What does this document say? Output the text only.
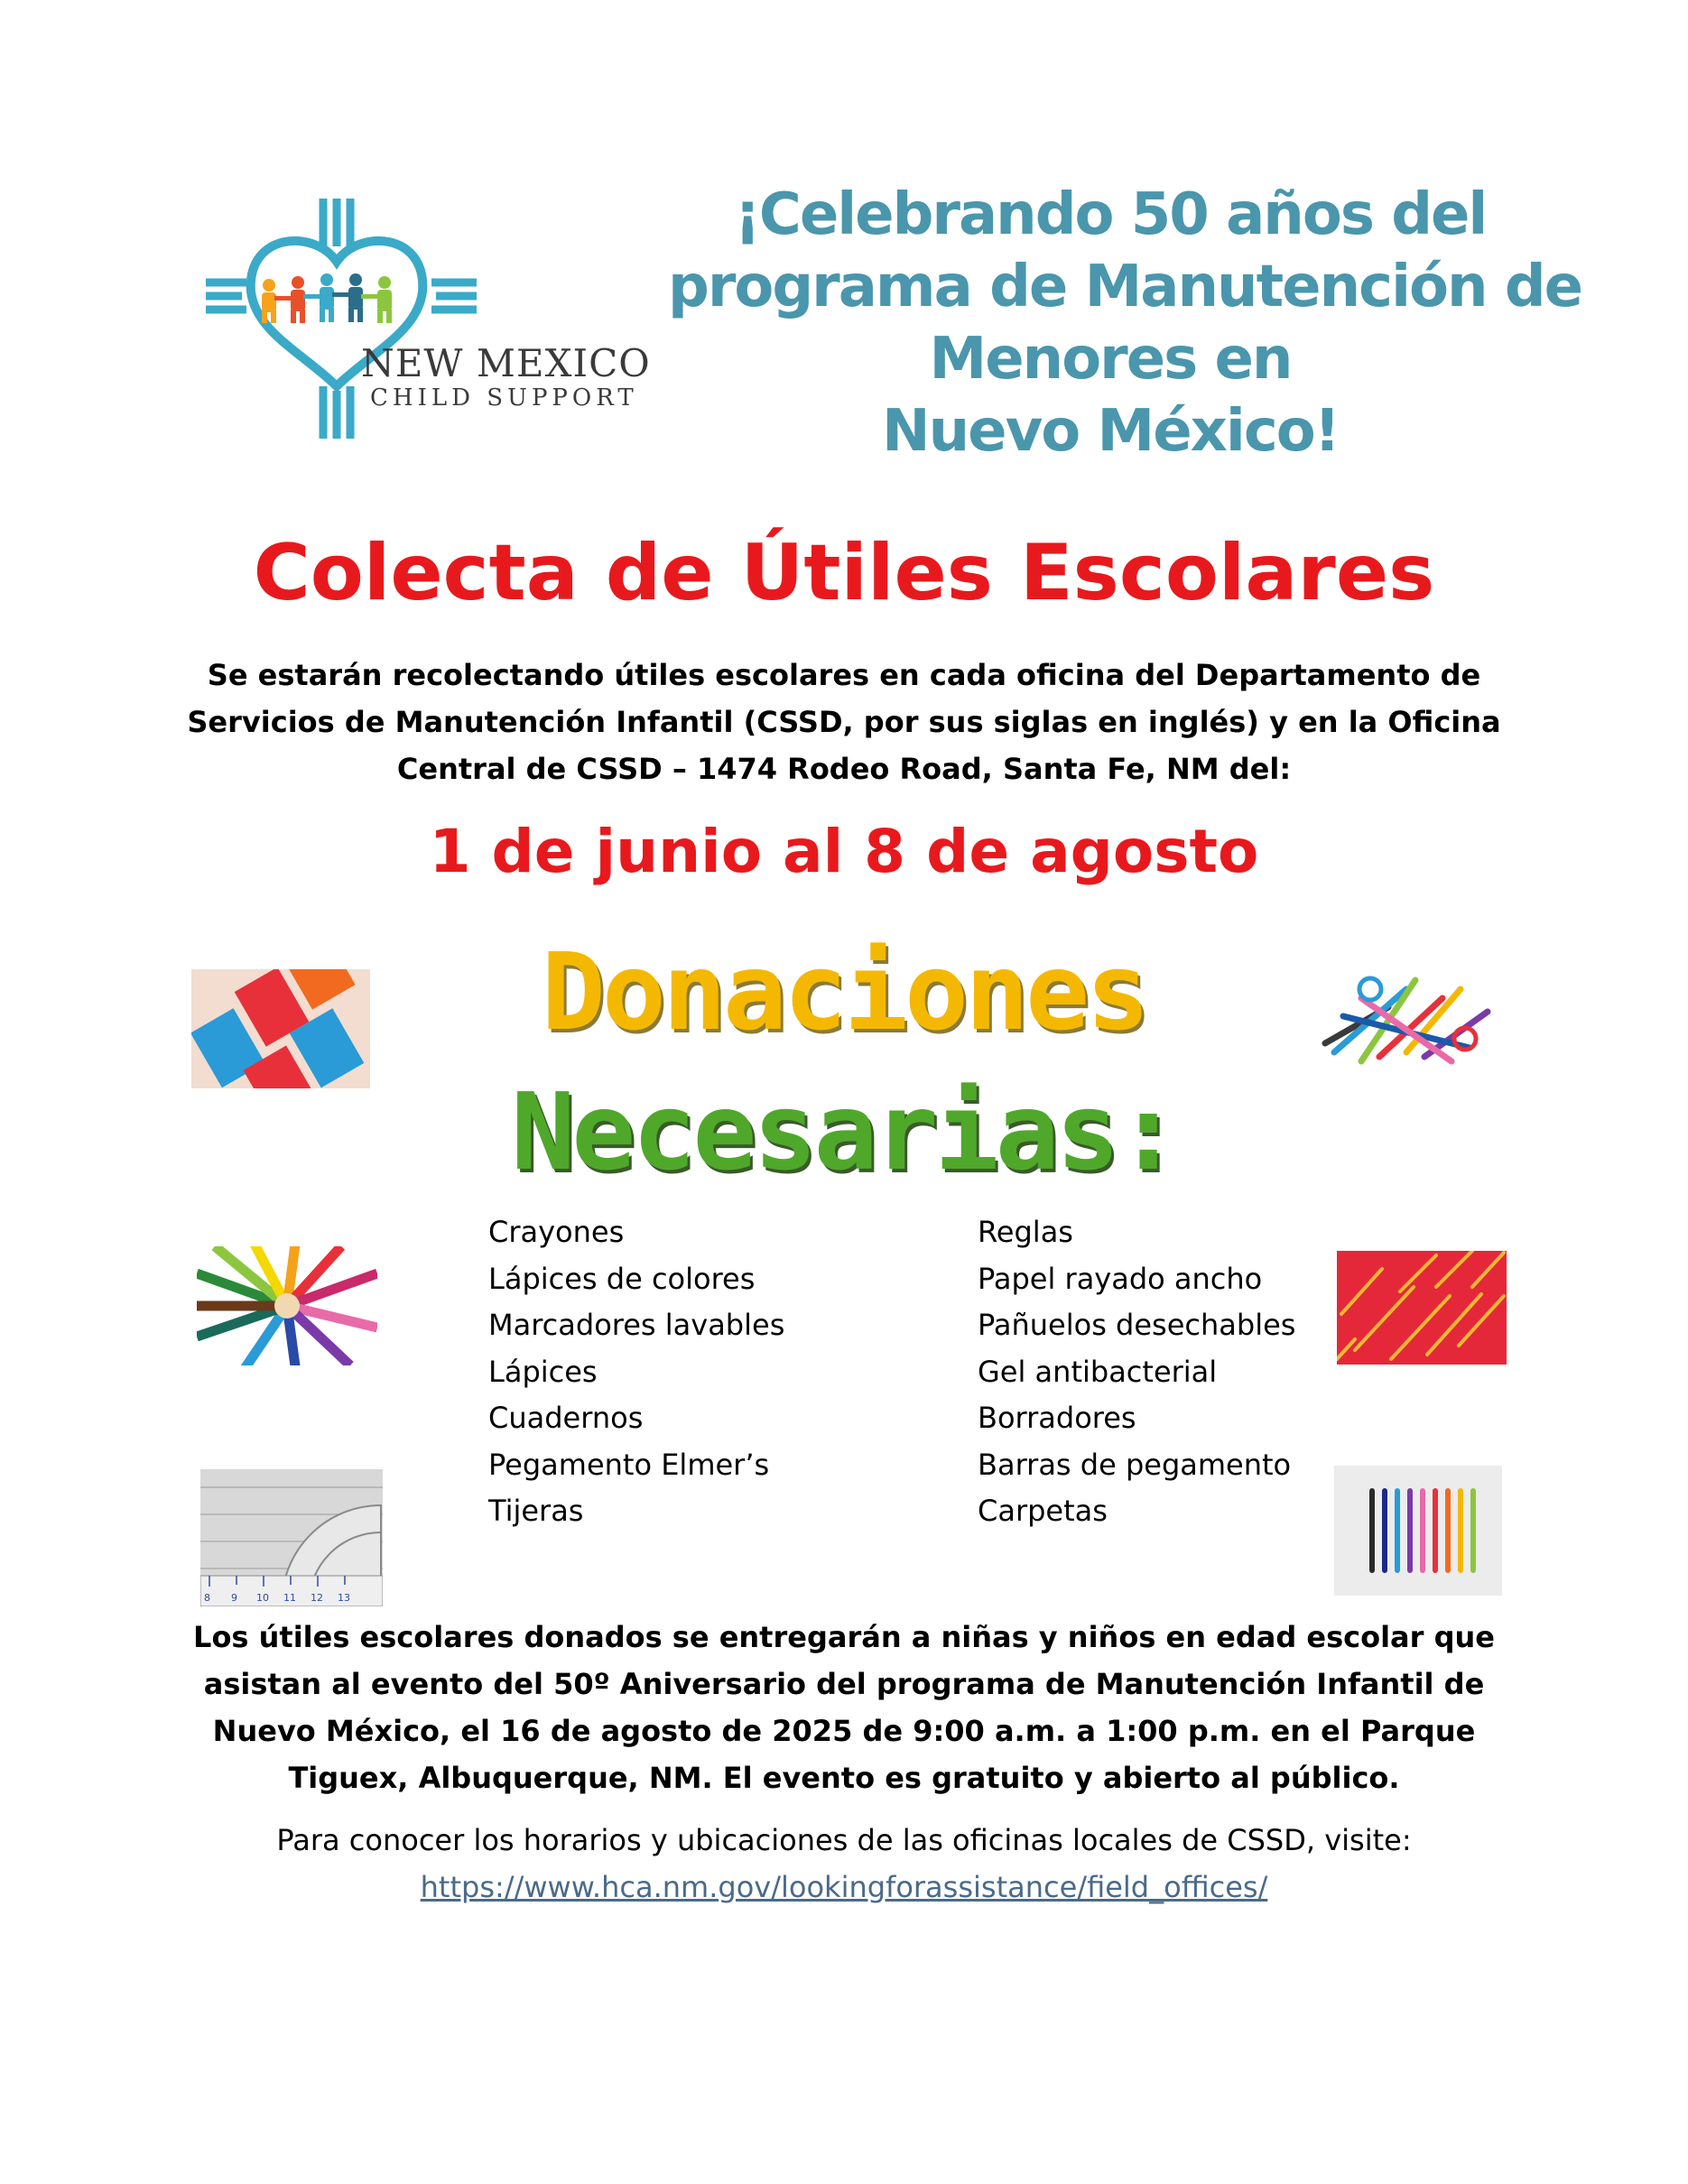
NEW MEXICO
CHILD SUPPORT
¡Celebrando 50 años del
programa de Manutención de
Menores en
Nuevo México!
Colecta de Útiles Escolares
Se estarán recolectando útiles escolares en cada oficina del Departamento de Servicios de Manutención Infantil (CSSD, por sus siglas en inglés) y en la Oficina Central de CSSD – 1474 Rodeo Road, Santa Fe, NM del:
1 de junio al 8 de agosto
Donaciones
Necesarias:
8 9 10 11 12 13
Crayones
Lápices de colores
Marcadores lavables
Lápices
Cuadernos
Pegamento Elmer’s
Tijeras
Reglas
Papel rayado ancho
Pañuelos desechables
Gel antibacterial
Borradores
Barras de pegamento
Carpetas
Los útiles escolares donados se entregarán a niñas y niños en edad escolar que asistan al evento del 50º Aniversario del programa de Manutención Infantil de Nuevo México, el 16 de agosto de 2025 de 9:00 a.m. a 1:00 p.m. en el Parque Tiguex, Albuquerque, NM. El evento es gratuito y abierto al público.
Para conocer los horarios y ubicaciones de las oficinas locales de CSSD, visite:
https://www.hca.nm.gov/lookingforassistance/field_offices/
